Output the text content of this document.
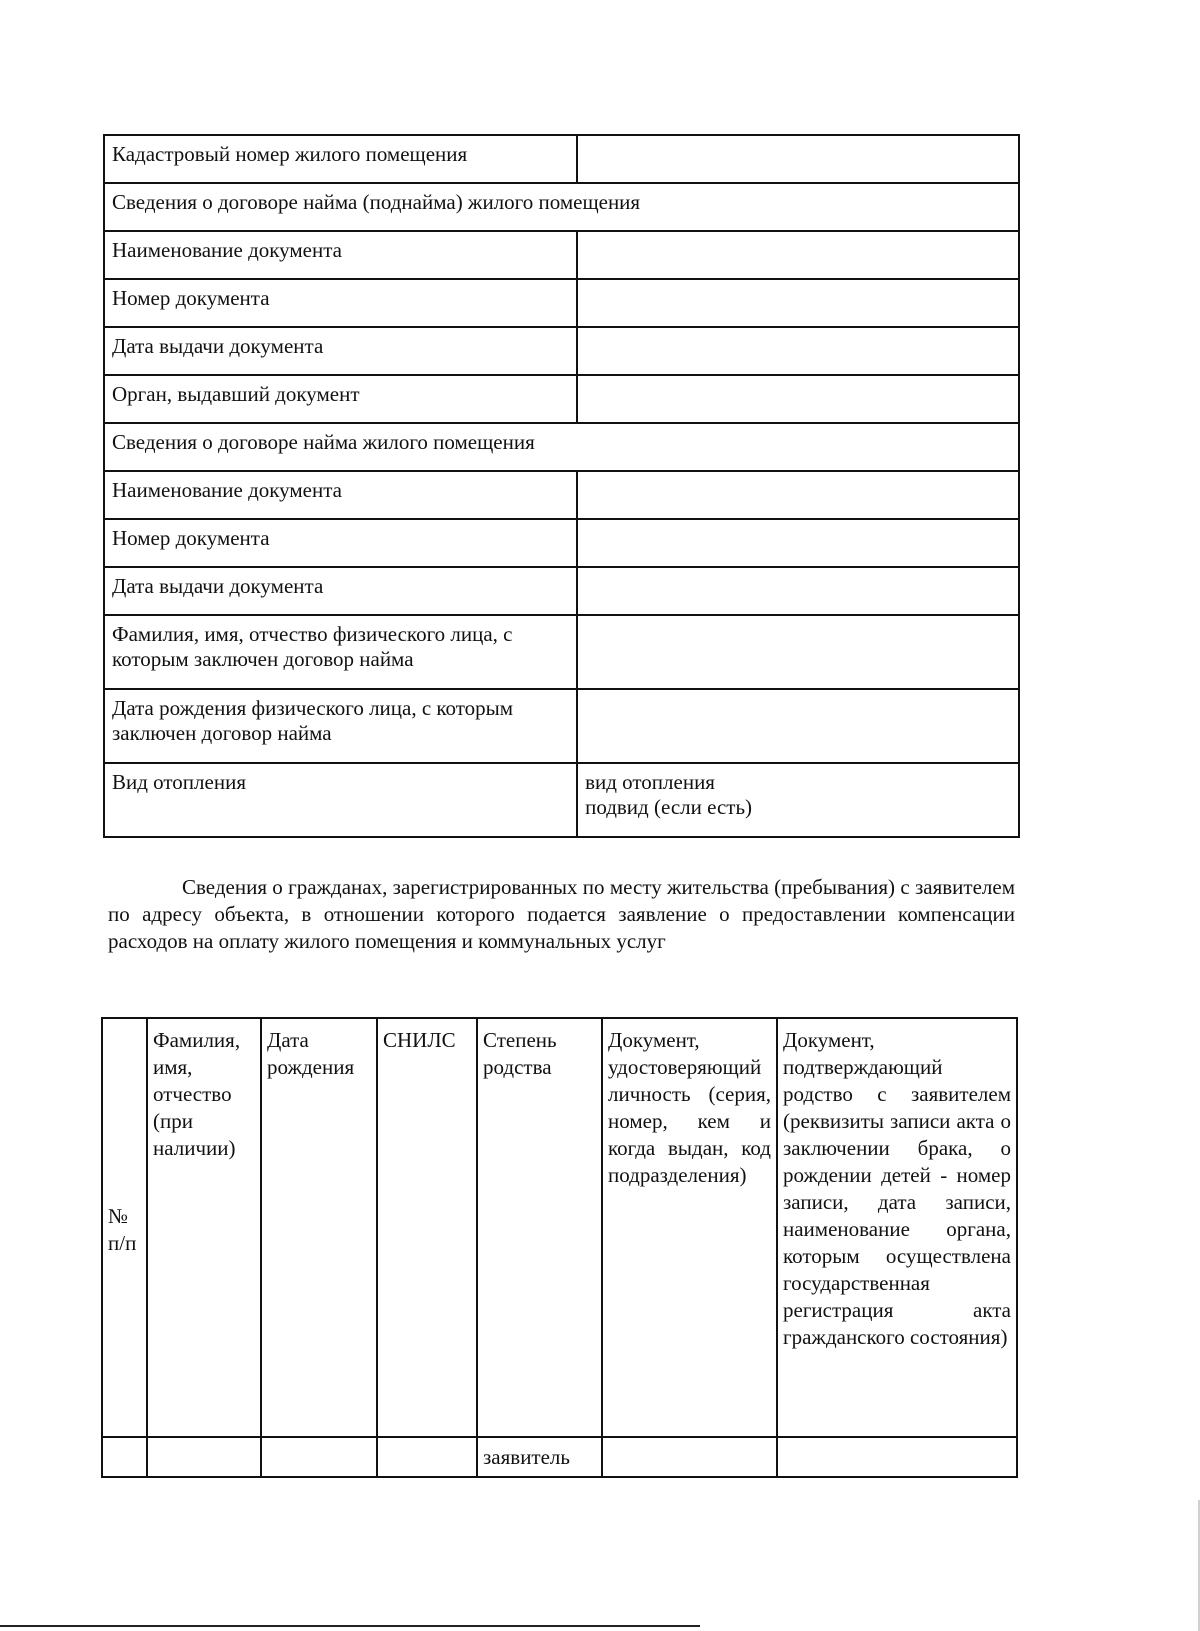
Кадастровый номер жилого помещения	
Сведения о договоре найма (поднайма) жилого помещения	
Наименование документа	
Номер документа	
Дата выдачи документа	
Орган, выдавший документ	
Сведения о договоре найма жилого помещения	
Наименование документа	
Номер документа	
Дата выдачи документа	
Фамилия, имя, отчество физического лица, с которым заключен договор найма	
Дата рождения физического лица, с которым заключен договор найма	
Вид отопления	вид отопления
подвид (если есть)
Сведения о гражданах, зарегистрированных по месту жительства (пребывания) с заявителем по адресу объекта, в отношении которого подается заявление о предоставлении компенсации расходов на оплату жилого помещения и коммунальных услуг
№ п/п	Фамилия, имя, отчество (при наличии)	Дата рождения	СНИЛС	Степень родства	Документ, удостоверяющий личность (серия, номер, кем и когда выдан, код подразделения)	Документ, подтверждающий родство с заявителем (реквизиты записи акта о заключении брака, о рождении детей - номер записи, дата записи, наименование органа, которым осуществлена государственная регистрация акта гражданского состояния)
				заявитель		
